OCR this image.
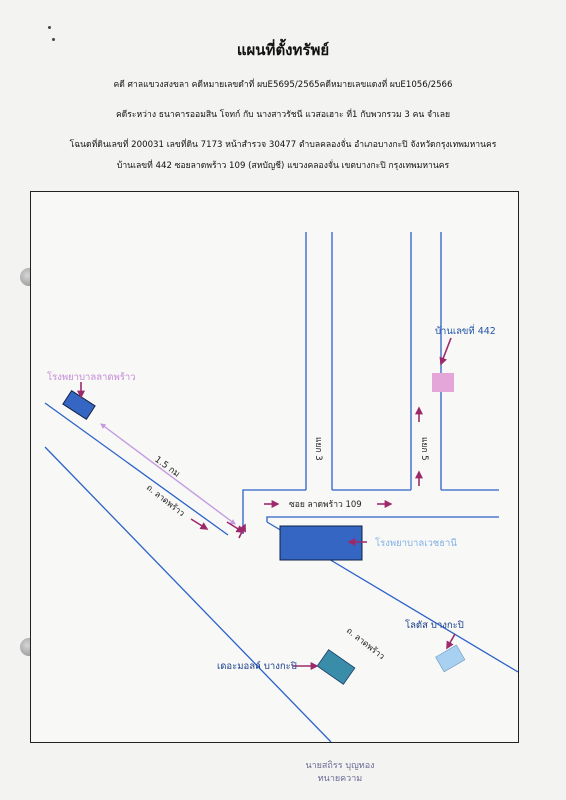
แผนที่ตั้งทรัพย์
คดี ศาลแขวงสงขลา คดีหมายเลขดำที่ ผบE5695/2565คดีหมายเลขแดงที่ ผบE1056/2566
คดีระหว่าง ธนาคารออมสิน โจทก์ กับ นางสาวรัชนี แวสอเฮาะ ที่1 กับพวกรวม 3 คน จำเลย
โฉนดที่ดินเลขที่ 200031 เลขที่ดิน 7173 หน้าสำรวจ 30477 ตำบลคลองจั่น อำเภอบางกะปิ จังหวัดกรุงเทพมหานคร
บ้านเลขที่ 442 ซอยลาดพร้าว 109 (สหบัญชี) แขวงคลองจั่น เขตบางกะปิ กรุงเทพมหานคร
โรงพยาบาลลาดพร้าว
1.5 กม
ถ. ลาดพร้าว
ถ. ลาดพร้าว
ซอย ลาดพร้าว 109
แยก 3	แยก 5
บ้านเลขที่ 442
โรงพยาบาลเวชธานี
เดอะมอลล์ บางกะปิ
โลตัส บางกะปิ
นายสถิรร บุญทอง
ทนายความ
